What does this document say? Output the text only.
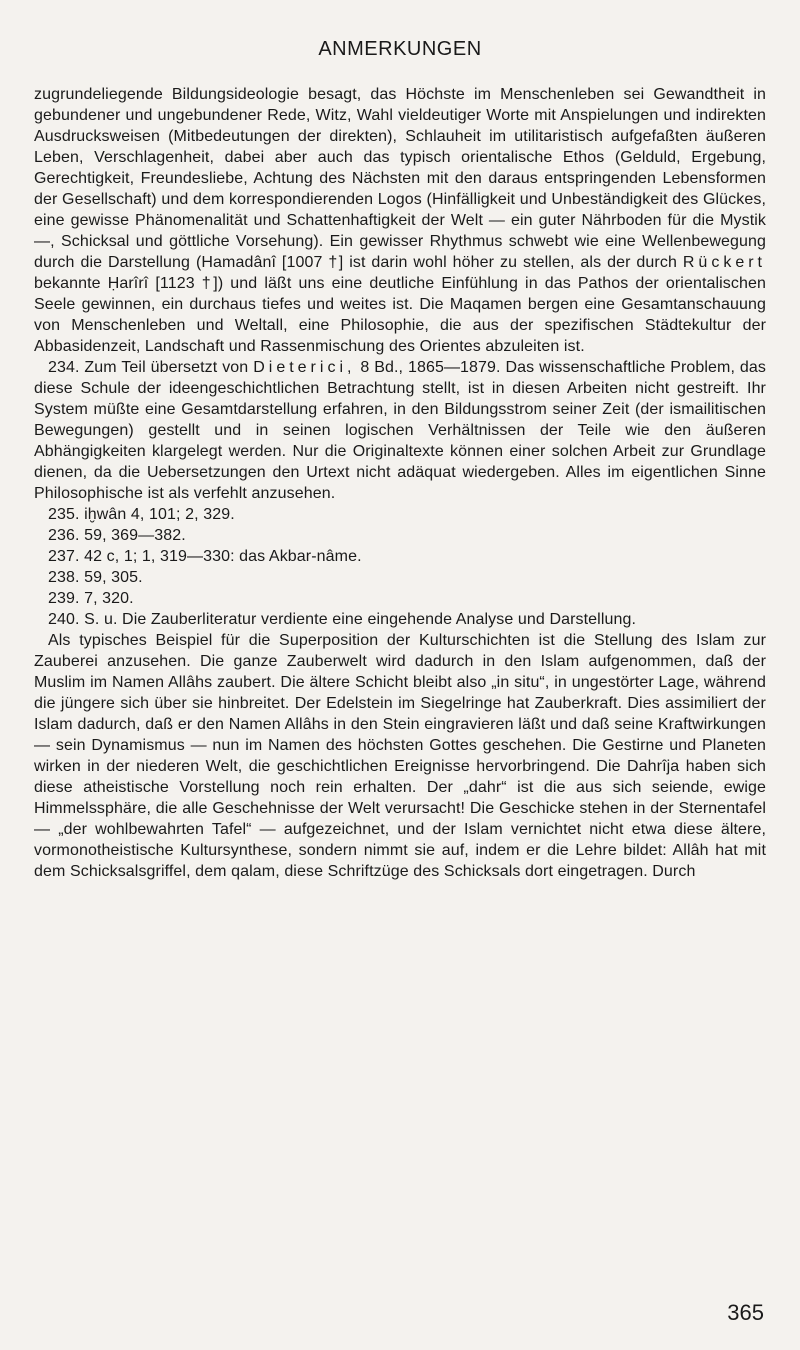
ANMERKUNGEN

zugrundeliegende Bildungsideologie besagt, das Höchste im Menschenleben sei Gewandtheit in gebundener und ungebundener Rede, Witz, Wahl vieldeutiger Worte mit Anspielungen und indirekten Ausdrucksweisen (Mitbedeutungen der direkten), Schlauheit im utilitaristisch aufgefaßten äußeren Leben, Verschlagenheit, dabei aber auch das typisch orientalische Ethos (Gelduld, Ergebung, Gerechtigkeit, Freundesliebe, Achtung des Nächsten mit den daraus entspringenden Lebensformen der Gesellschaft) und dem korrespondierenden Logos (Hinfälligkeit und Unbeständigkeit des Glückes, eine gewisse Phänomenalität und Schattenhaftigkeit der Welt — ein guter Nährboden für die Mystik —, Schicksal und göttliche Vorsehung). Ein gewisser Rhythmus schwebt wie eine Wellenbewegung durch die Darstellung (Hamadânî [1007 †] ist darin wohl höher zu stellen, als der durch Rückert bekannte Ḥarîrî [1123 †]) und läßt uns eine deutliche Einfühlung in das Pathos der orientalischen Seele gewinnen, ein durchaus tiefes und weites ist. Die Maqamen bergen eine Gesamtanschauung von Menschenleben und Weltall, eine Philosophie, die aus der spezifischen Städtekultur der Abbasidenzeit, Landschaft und Rassenmischung des Orientes abzuleiten ist.

234. Zum Teil übersetzt von Dieterici, 8 Bd., 1865—1879. Das wissenschaftliche Problem, das diese Schule der ideengeschichtlichen Betrachtung stellt, ist in diesen Arbeiten nicht gestreift. Ihr System müßte eine Gesamtdarstellung erfahren, in den Bildungsstrom seiner Zeit (der ismailitischen Bewegungen) gestellt und in seinen logischen Verhältnissen der Teile wie den äußeren Abhängigkeiten klargelegt werden. Nur die Originaltexte können einer solchen Arbeit zur Grundlage dienen, da die Uebersetzungen den Urtext nicht adäquat wiedergeben. Alles im eigentlichen Sinne Philosophische ist als verfehlt anzusehen.

235. iḫwân 4, 101; 2, 329.

236. 59, 369—382.

237. 42 c, 1; 1, 319—330: das Akbar-nâme.

238. 59, 305.

239. 7, 320.

240. S. u. Die Zauberliteratur verdiente eine eingehende Analyse und Darstellung.

Als typisches Beispiel für die Superposition der Kulturschichten ist die Stellung des Islam zur Zauberei anzusehen. Die ganze Zauberwelt wird dadurch in den Islam aufgenommen, daß der Muslim im Namen Allâhs zaubert. Die ältere Schicht bleibt also „in situ“, in ungestörter Lage, während die jüngere sich über sie hinbreitet. Der Edelstein im Siegelringe hat Zauberkraft. Dies assimiliert der Islam dadurch, daß er den Namen Allâhs in den Stein eingravieren läßt und daß seine Kraftwirkungen — sein Dynamismus — nun im Namen des höchsten Gottes geschehen. Die Gestirne und Planeten wirken in der niederen Welt, die geschichtlichen Ereignisse hervorbringend. Die Dahrîja haben sich diese atheistische Vorstellung noch rein erhalten. Der „dahr“ ist die aus sich seiende, ewige Himmelssphäre, die alle Geschehnisse der Welt verursacht! Die Geschicke stehen in der Sternentafel — „der wohlbewahrten Tafel“ — aufgezeichnet, und der Islam vernichtet nicht etwa diese ältere, vormonotheistische Kultursynthese, sondern nimmt sie auf, indem er die Lehre bildet: Allâh hat mit dem Schicksalsgriffel, dem qalam, diese Schriftzüge des Schicksals dort eingetragen. Durch

365
